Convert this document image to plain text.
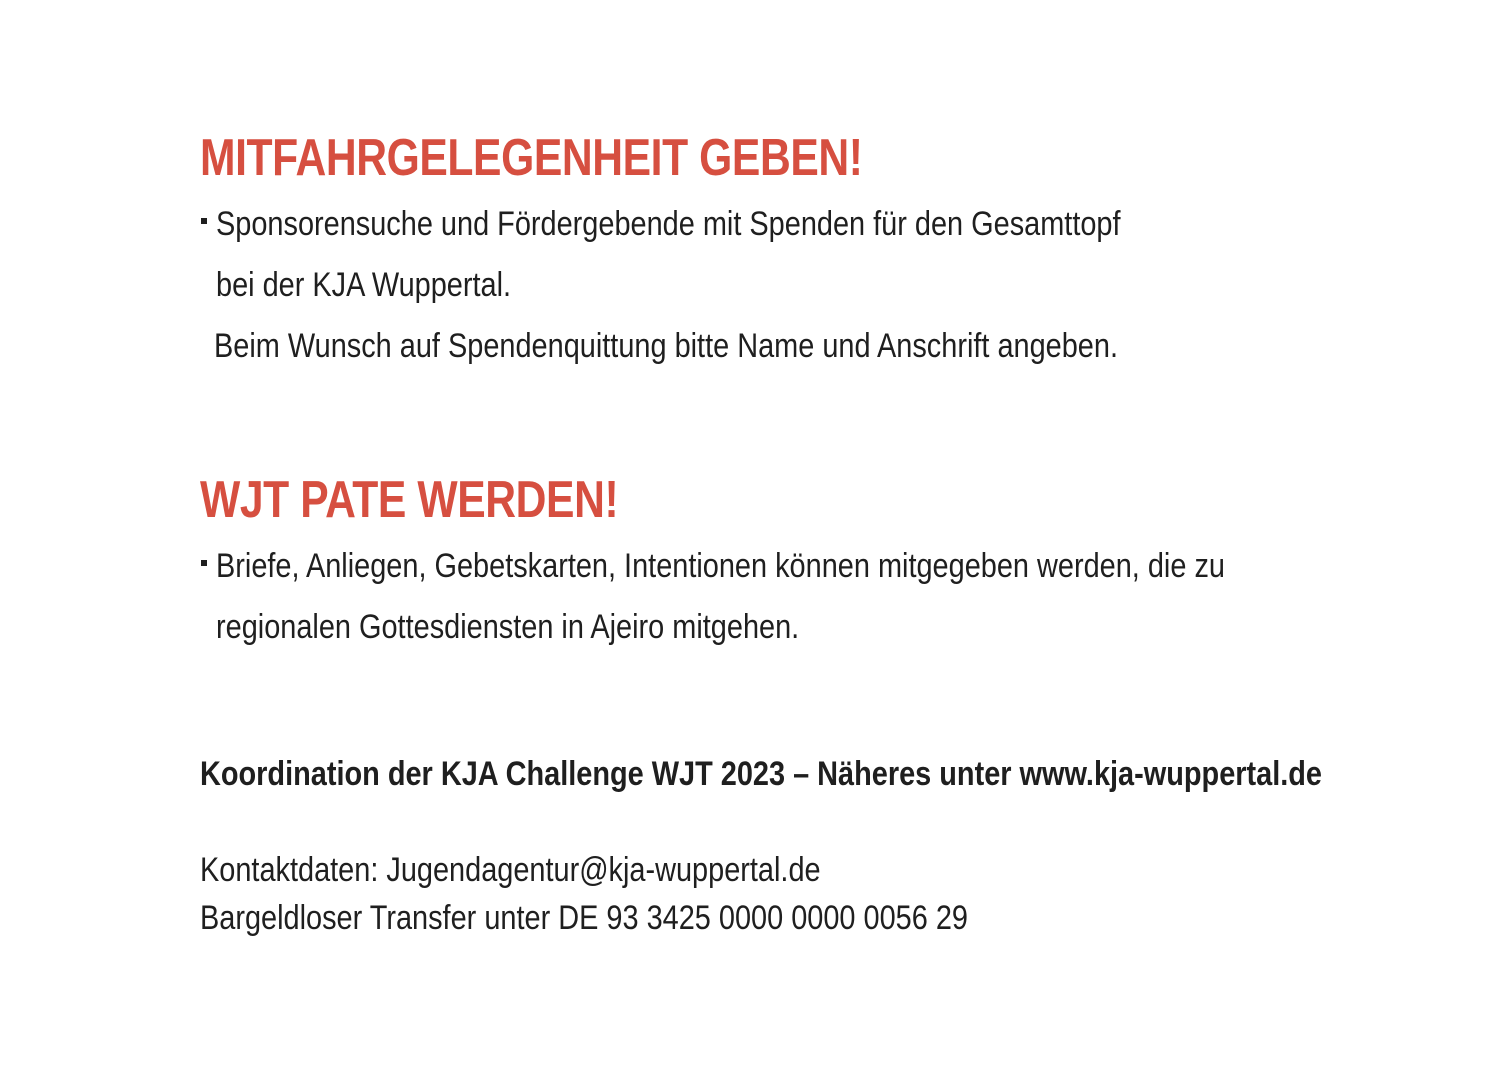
MITFAHRGELEGENHEIT GEBEN!
Sponsorensuche und Fördergebende mit Spenden für den Gesamttopf
bei der KJA Wuppertal.
Beim Wunsch auf Spendenquittung bitte Name und Anschrift angeben.
WJT PATE WERDEN!
Briefe, Anliegen, Gebetskarten, Intentionen können mitgegeben werden, die zu
regionalen Gottesdiensten in Ajeiro mitgehen.
Koordination der KJA Challenge WJT 2023 – Näheres unter www.kja-wuppertal.de
Kontaktdaten: Jugendagentur@kja-wuppertal.de
Bargeldloser Transfer unter DE 93 3425 0000 0000 0056 29
